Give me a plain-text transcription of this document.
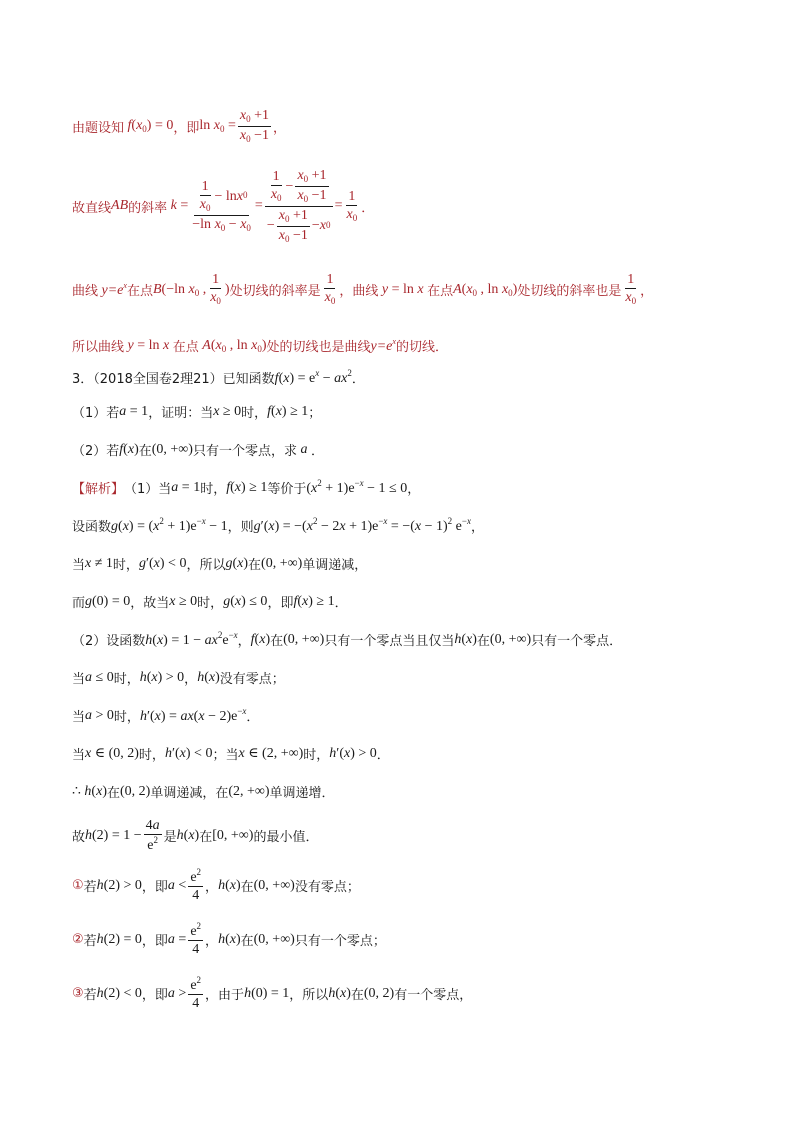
由题设知 $f(x_0) = 0$ ，即 $\ln x_0 = \frac{x_0 +1}{x_0 -1}$ ，
故直线 AB 的斜率 $k = \frac{\frac{1}{x_0} - \ln x 0}{-\ln x_0 - x_0} = \frac{\frac{1}{x_0} - \frac{x_0 +1}{x_0 -1}}{- \frac{x_0 +1}{x_0 -1} - x 0} = \frac{1}{x_0}$ ．
曲线 $y=e^x$ 在点 B(−ln $x_0$ , $\frac{1}{x_0}$ ) 处切线的斜率是 $\frac{1}{x_0}$ ，曲线 y = ln x 在点 $A(x_0$ , $\ln x_0$) 处切线的斜率也是 $\frac{1}{x_0}$ ，
所以曲线 y = ln x 在点 $A(x_0$ , $\ln x_0$) 处的切线也是曲线 $y=e^x$ 的切线．
3．（2018全国卷2理21）已知函数 $f(x) = e^x - ax^2$ ．
（1）若 a = 1 ，证明：当 x ≥ 0 时， f(x) ≥ 1 ；
（2）若 f(x) 在 (0, +∞) 只有一个零点，求 a ．
【解析】 （1）当 a = 1 时， f(x) ≥ 1 等价于 $(x^2 + 1)e^{-x} - 1 \le 0$ ，
设函数 $g(x) = (x^2 + 1)e^{-x} - 1$ ，则 $g'(x) = -(x^2 - 2x + 1)e^{-x} = -(x - 1)^2$ $e^{-x}$ ，
当 x ≠ 1 时， g′(x) < 0 ，所以 g(x) 在 (0, +∞) 单调递减，
而 g(0) = 0 ，故当 x ≥ 0 时， g(x) ≤ 0 ，即 f(x) ≥ 1 ．
（2）设函数 $h(x) = 1 - ax^2e^{-x}$ ， f(x) 在 (0, +∞) 只有一个零点当且仅当 h(x) 在 (0, +∞) 只有一个零点．
当 a ≤ 0 时， h(x) > 0 ， h(x) 没有零点；
当 a > 0 时， $h'(x) = ax(x - 2)e^{-x}$ ．
当 x ∈ (0, 2) 时， h′(x) < 0 ；当 x ∈ (2, +∞) 时， h′(x) > 0 ．
∴ h(x) 在 (0, 2) 单调递减，在 (2, +∞) 单调递增．
故 $h(2) = 1 - \frac{4a}{e^2}$ 是 h(x) 在 [0, +∞) 的最小值．
① 若 h(2) > 0 ，即 $a < \frac{e^2}{4}$ ， h(x) 在 (0, +∞) 没有零点；
② 若 h(2) = 0 ，即 $a = \frac{e^2}{4}$ ， h(x) 在 (0, +∞) 只有一个零点；
③ 若 h(2) < 0 ，即 $a > \frac{e^2}{4}$ ，由于 h(0) = 1 ，所以 h(x) 在 (0, 2) 有一个零点，
